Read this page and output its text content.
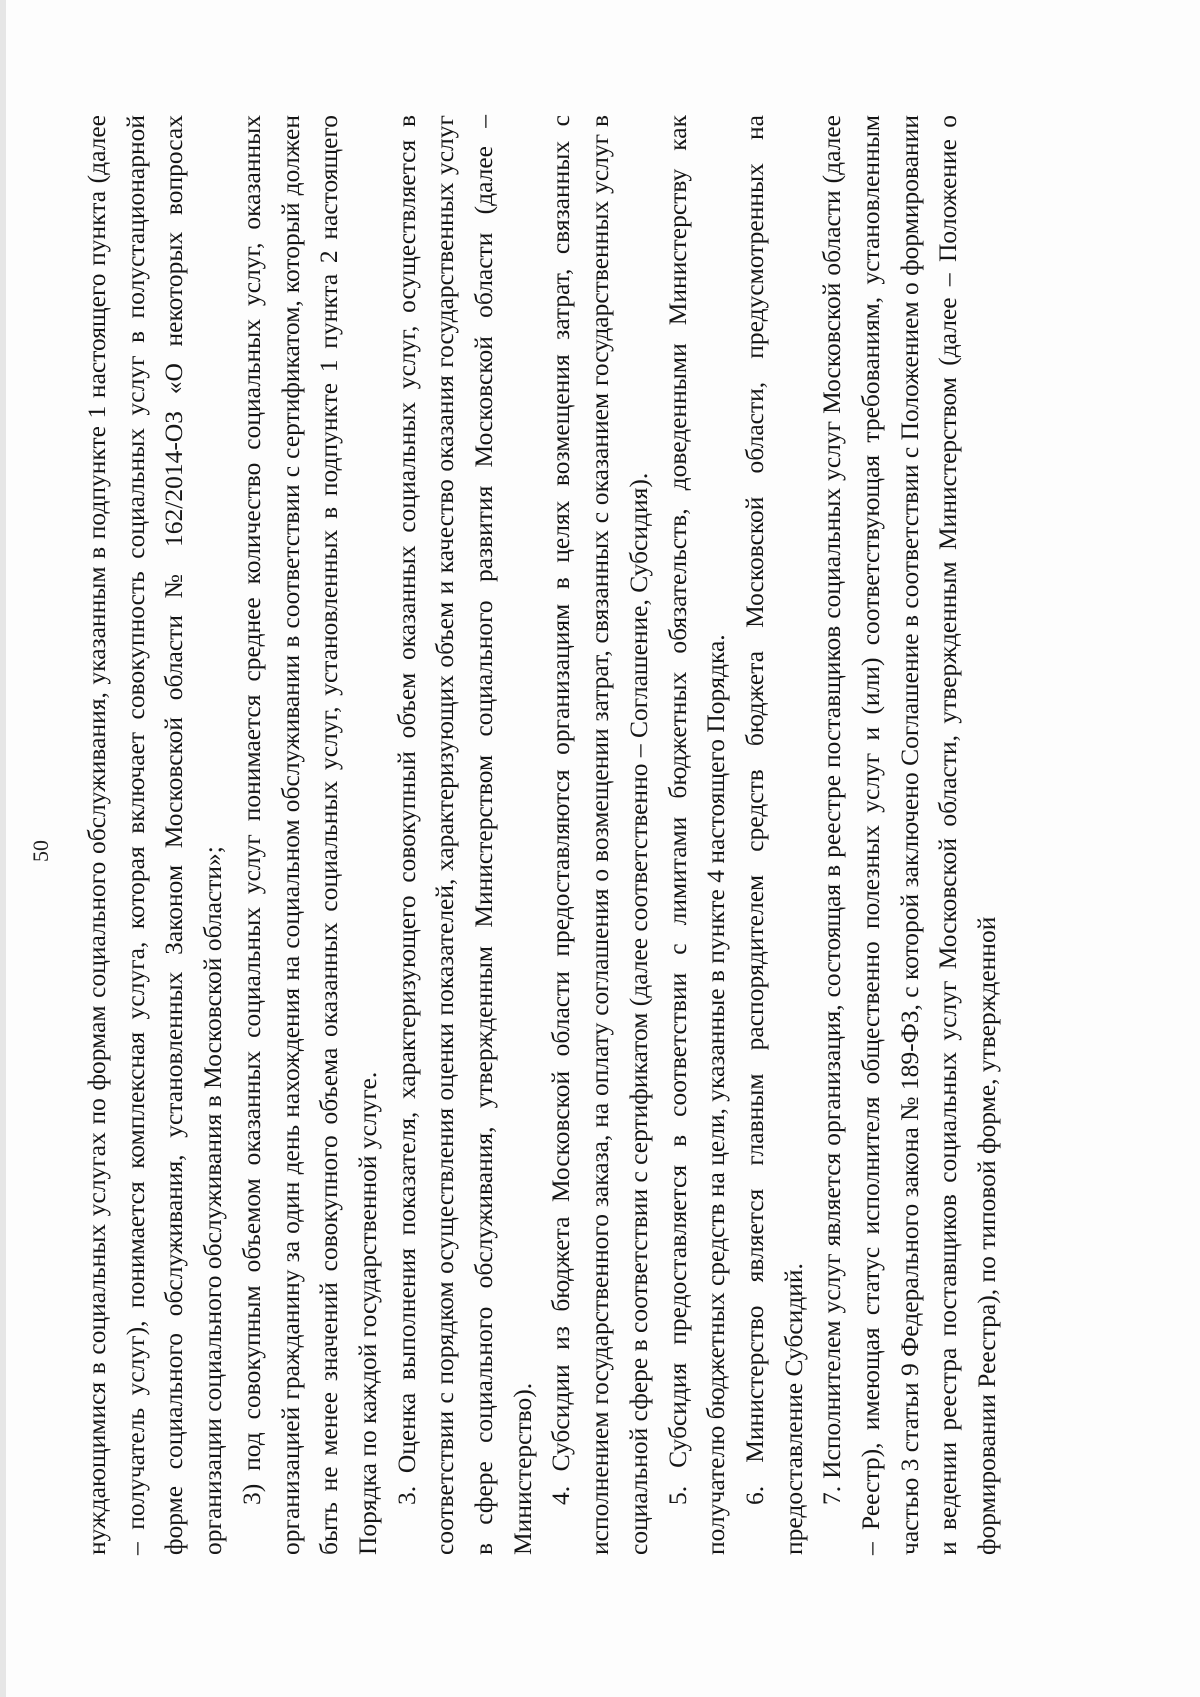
50 нуждающимися в социальных услугах по формам социального обслуживания, указанным в подпункте 1 настоящего пункта (далее – получатель услуг), понимается комплексная услуга, которая включает совокупность социальных услуг в полустационарной форме социального обслуживания, установленных Законом Московской области № 162/2014-ОЗ «О некоторых вопросах организации социального обслуживания в Московской области»; 3) под совокупным объемом оказанных социальных услуг понимается среднее количество социальных услуг, оказанных организацией гражданину за один день нахождения на социальном обслуживании в соответствии с сертификатом, который должен быть не менее значений совокупного объема оказанных социальных услуг, установленных в подпункте 1 пункта 2 настоящего Порядка по каждой государственной услуге. 3. Оценка выполнения показателя, характеризующего совокупный объем оказанных социальных услуг, осуществляется в соответствии с порядком осуществления оценки показателей, характеризующих объем и качество оказания государственных услуг в сфере социального обслуживания, утвержденным Министерством социального развития Московской области (далее – Министерство). 4. Субсидии из бюджета Московской области предоставляются организациям в целях возмещения затрат, связанных с исполнением государственного заказа, на оплату соглашения о возмещении затрат, связанных с оказанием государственных услуг в социальной сфере в соответствии с сертификатом (далее соответственно – Соглашение, Субсидия). 5. Субсидия предоставляется в соответствии с лимитами бюджетных обязательств, доведенными Министерству как получателю бюджетных средств на цели, указанные в пункте 4 настоящего Порядка. 6. Министерство является главным распорядителем средств бюджета Московской области, предусмотренных на предоставление Субсидий. 7. Исполнителем услуг является организация, состоящая в реестре поставщиков социальных услуг Московской области (далее – Реестр), имеющая статус исполнителя общественно полезных услуг и (или) соответствующая требованиям, установленным частью 3 статьи 9 Федерального закона № 189-ФЗ, с которой заключено Соглашение в соответствии с Положением о формировании и ведении реестра поставщиков социальных услуг Московской области, утвержденным Министерством (далее – Положение о формировании Реестра), по типовой форме, утвержденной
